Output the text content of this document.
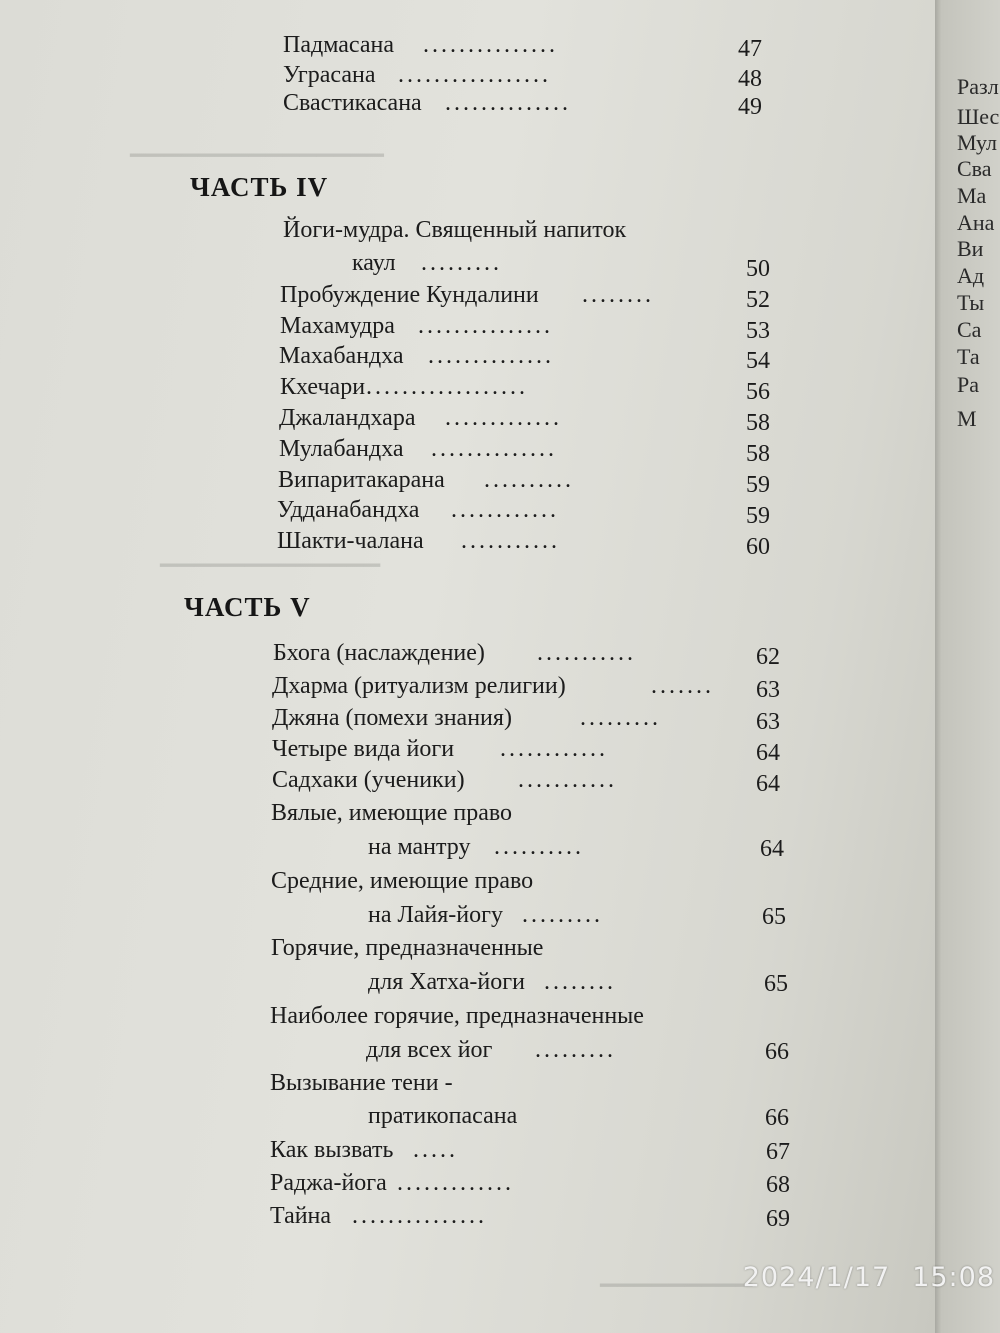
▔▔▔▔▔▔▔▔▔▔▔▔▔▔▔
▔▔▔▔▔▔▔▔▔▔▔▔▔
▔▔▔▔▔▔▔▔▔
Разл
Шес
Мул
Сва
Ма
Ана
Ви
Ад
Ты
Са
Та
Ра
М
Падмасана ...............	47
Уграсана .................	48
Свастикасана ..............	49
ЧАСТЬ IV
Йоги-мудра. Священный напиток
каул .........	50
Пробуждение Кундалини ........	52
Махамудра ...............	53
Махабандха ..............	54
Кхечари ..................	56
Джаландхара .............	58
Мулабандха ..............	58
Випаритакарана ..........	59
Удданабандха ............	59
Шакти-чалана ...........	60
ЧАСТЬ V
Бхога (наслаждение) ...........	62
Дхарма (ритуализм религии)	....... 63
Джяна (помехи знания)	.........	63
Четыре вида йоги ............	64
Садхаки (ученики) ...........	64
Вялые, имеющие право
на мантру ..........	64
Средние, имеющие право
на Лайя-йогу .........	65
Горячие, предназначенные
для Хатха-йоги ........	65
Наиболее горячие, предназначенные
для всех йог .........	66
Вызывание тени -
пратикопасана	66
Как вызвать .....	67
Раджа-йога .............	68
Тайна ...............	69
2024/1/17 15:08
